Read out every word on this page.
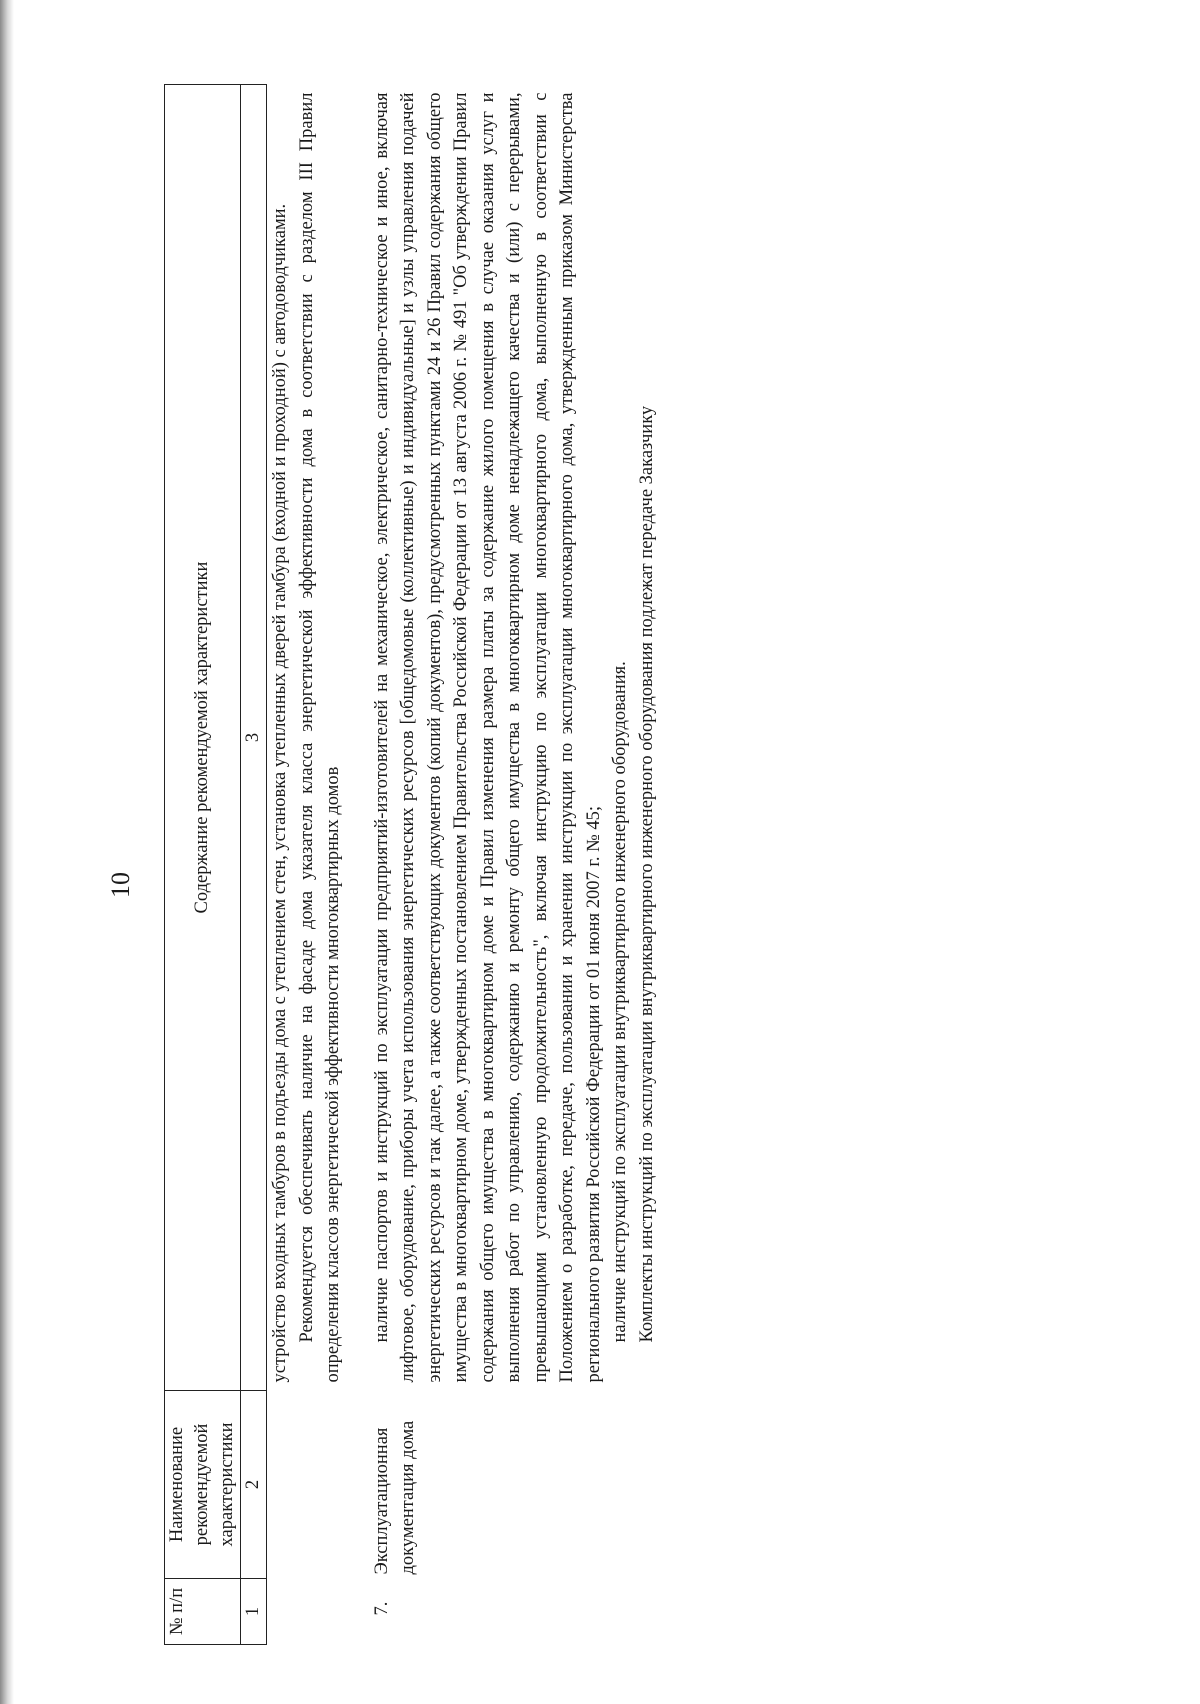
10
№ п/п	Наименование рекомендуемой характеристики	Содержание рекомендуемой характеристики
1	2	3

		устройство входных тамбуров в подъезды дома с утеплением стен, установка утепленных дверей тамбура (входной и проходной) с автодоводчиками. Рекомендуется обеспечивать наличие на фасаде дома указателя класса энергетической эффективности дома в соответствии с разделом III Правил определения классов энергетической эффективности многоквартирных домов

7.	Эксплуатационная документация дома	наличие паспортов и инструкций по эксплуатации предприятий-изготовителей на механическое, электрическое, санитарно-техническое и иное, включая лифтовое, оборудование, приборы учета использования энергетических ресурсов [общедомовые (коллективные) и индивидуальные] и узлы управления подачей энергетических ресурсов и так далее, а также соответствующих документов (копий документов), предусмотренных пунктами 24 и 26 Правил содержания общего имущества в многоквартирном доме, утвержденных постановлением Правительства Российской Федерации от 13 августа 2006 г. № 491 "Об утверждении Правил содержания общего имущества в многоквартирном доме и Правил изменения размера платы за содержание жилого помещения в случае оказания услуг и выполнения работ по управлению, содержанию и ремонту общего имущества в многоквартирном доме ненадлежащего качества и (или) с перерывами, превышающими установленную продолжительность", включая инструкцию по эксплуатации многоквартирного дома, выполненную в соответствии с Положением о разработке, передаче, пользовании и хранении инструкции по эксплуатации многоквартирного дома, утвержденным приказом Министерства регионального развития Российской Федерации от 01 июня 2007 г. № 45; наличие инструкций по эксплуатации внутриквартирного инженерного оборудования. Комплекты инструкций по эксплуатации внутриквартирного инженерного оборудования подлежат передаче Заказчику
